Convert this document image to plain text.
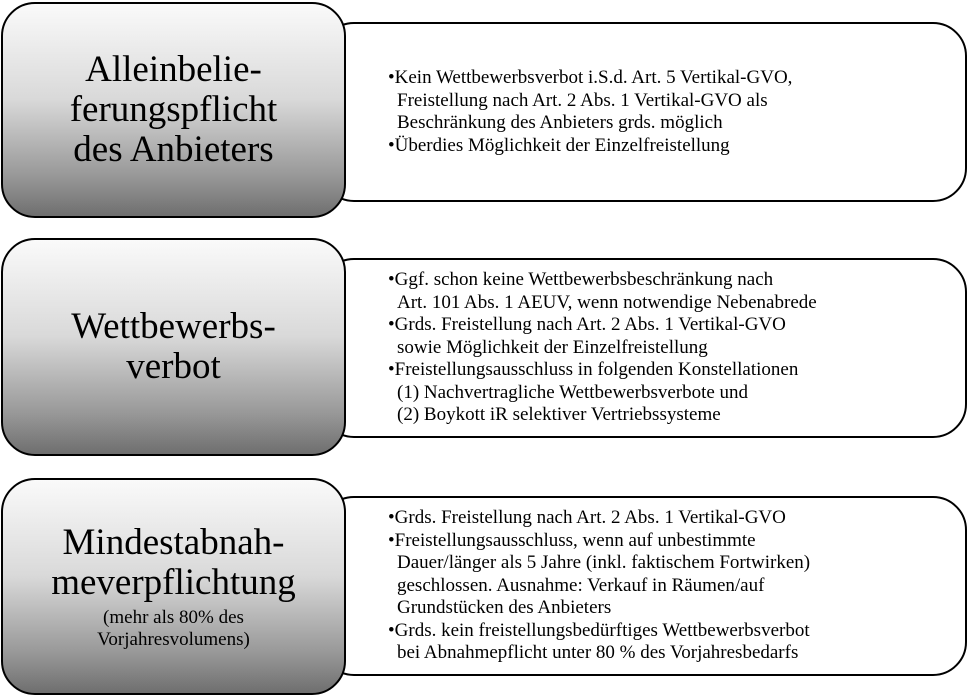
•Kein Wettbewerbsverbot i.S.d. Art. 5 Vertikal-GVO,
Freistellung nach Art. 2 Abs. 1 Vertikal-GVO als
Beschränkung des Anbieters grds. möglich
•Überdies Möglichkeit der Einzelfreistellung
Alleinbelie-
ferungspflicht
des Anbieters
•Ggf. schon keine Wettbewerbsbeschränkung nach
Art. 101 Abs. 1 AEUV, wenn notwendige Nebenabrede
•Grds. Freistellung nach Art. 2 Abs. 1 Vertikal-GVO
sowie Möglichkeit der Einzelfreistellung
•Freistellungsausschluss in folgenden Konstellationen
(1) Nachvertragliche Wettbewerbsverbote und
(2) Boykott iR selektiver Vertriebssysteme
Wettbewerbs-
verbot
•Grds. Freistellung nach Art. 2 Abs. 1 Vertikal-GVO
•Freistellungsausschluss, wenn auf unbestimmte
Dauer/länger als 5 Jahre (inkl. faktischem Fortwirken)
geschlossen. Ausnahme: Verkauf in Räumen/auf
Grundstücken des Anbieters
•Grds. kein freistellungsbedürftiges Wettbewerbsverbot
bei Abnahmepflicht unter 80 % des Vorjahresbedarfs
Mindestabnah-
meverpflichtung
(mehr als 80% des
Vorjahresvolumens)
